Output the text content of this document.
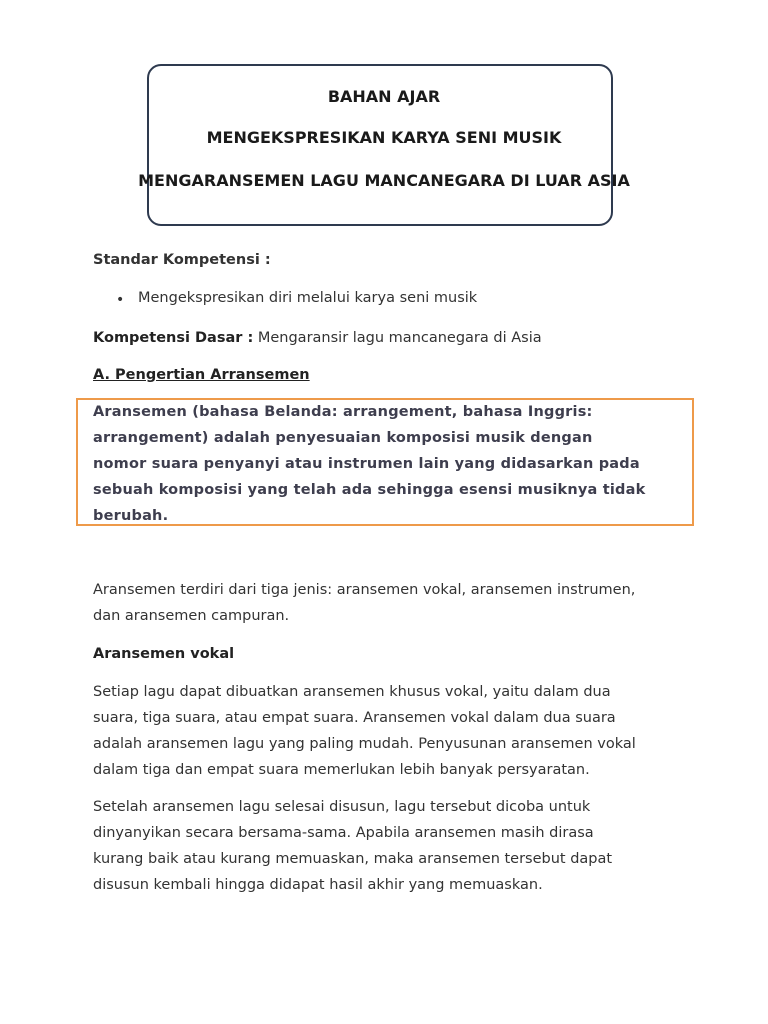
BAHAN AJAR
MENGEKSPRESIKAN KARYA SENI MUSIK
MENGARANSEMEN LAGU MANCANEGARA DI LUAR ASIA
Standar Kompetensi :
• Mengekspresikan diri melalui karya seni musik
Kompetensi Dasar : Mengaransir lagu mancanegara di Asia
A. Pengertian Arransemen
Aransemen (bahasa Belanda: arrangement, bahasa Inggris:
arrangement) adalah penyesuaian komposisi musik dengan
nomor suara penyanyi atau instrumen lain yang didasarkan pada
sebuah komposisi yang telah ada sehingga esensi musiknya tidak
berubah.
Aransemen terdiri dari tiga jenis: aransemen vokal, aransemen instrumen,
dan aransemen campuran.
Aransemen vokal
Setiap lagu dapat dibuatkan aransemen khusus vokal, yaitu dalam dua
suara, tiga suara, atau empat suara. Aransemen vokal dalam dua suara
adalah aransemen lagu yang paling mudah. Penyusunan aransemen vokal
dalam tiga dan empat suara memerlukan lebih banyak persyaratan.
Setelah aransemen lagu selesai disusun, lagu tersebut dicoba untuk
dinyanyikan secara bersama-sama. Apabila aransemen masih dirasa
kurang baik atau kurang memuaskan, maka aransemen tersebut dapat
disusun kembali hingga didapat hasil akhir yang memuaskan.
